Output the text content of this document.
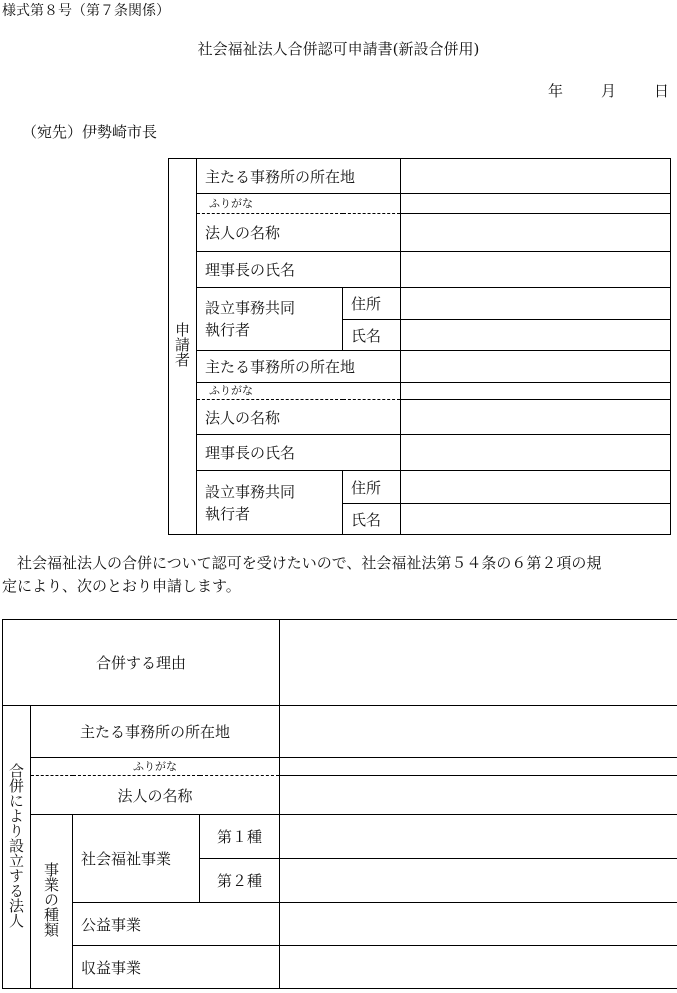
様式第８号（第７条関係）
社会福祉法人合併認可申請書(新設合併用)
年	月	日
（宛先）伊勢崎市長
申請者	主たる事務所の所在地		
	ふりがな		
	法人の名称		
	理事長の氏名		
	設立事務共同
執行者	住所	
		氏名	
	主たる事務所の所在地		
	ふりがな		
	法人の名称		
	理事長の氏名		
	設立事務共同
執行者	住所	
		氏名	
社会福祉法人の合併について認可を受けたいので、社会福祉法第５４条の６第２項の規
定により、次のとおり申請します。
合併する理由				
合併により設立する法人	主たる事務所の所在地			
	ふりがな			
	法人の名称			
	事業の種類	社会福祉事業	第１種	
			第２種	
		公益事業		
		収益事業		
